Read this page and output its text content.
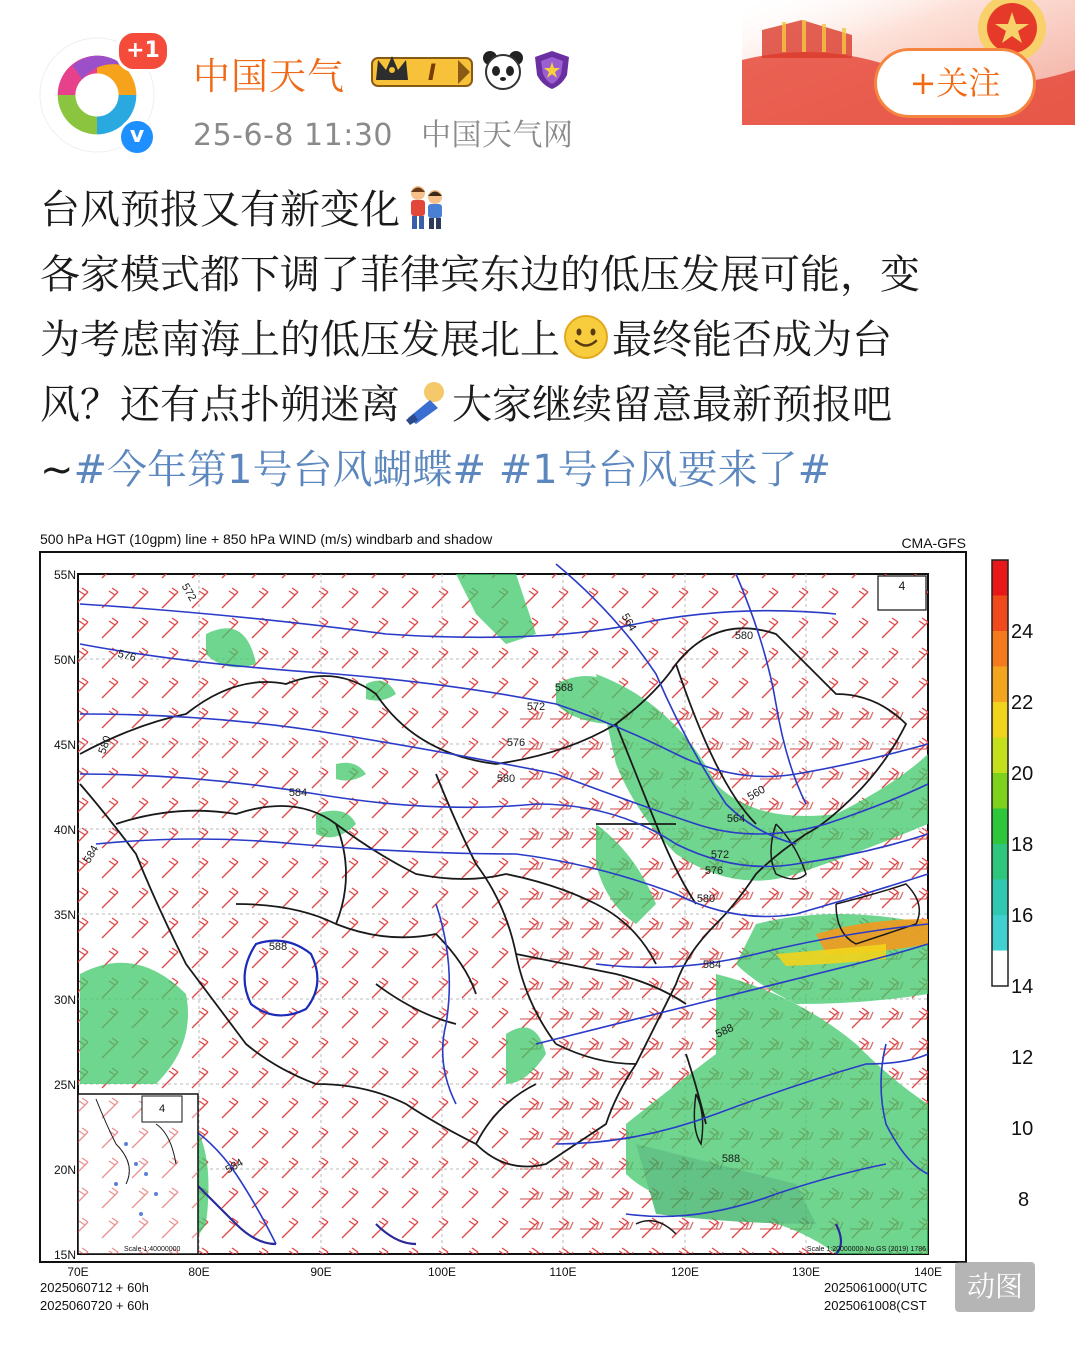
+1
v
中国天气	I
25-6-8 11:30 中国天气网
+关注
台风预报又有新变化
各家模式都下调了菲律宾东边的低压发展可能，变
为考虑南海上的低压发展北上 最终能否成为台
风？还有点扑朔迷离 大家继续留意最新预报吧
~#今年第1号台风蝴蝶# #1号台风要来了#
500 hPa HGT (10gpm) line + 850 hPa WIND (m/s) windbarb and shadow	CMA-GFS
572
564
580
576
568
572
576
580
584
580
584
588
584
588
588
584
580
576
572
564
560
4
4
Scale 1:40000000	Scale 1:20000000 No.GS (2019) 1786
55N
50N
45N
40N
35N
30N
25N
20N
15N
70E	80E	90E	100E	110E	120E	130E	140E
2025060712 + 60h
2025060720 + 60h
2025061000(UTC
2025061008(CST
24
22
20
18
16
14
12
10
8
动图
